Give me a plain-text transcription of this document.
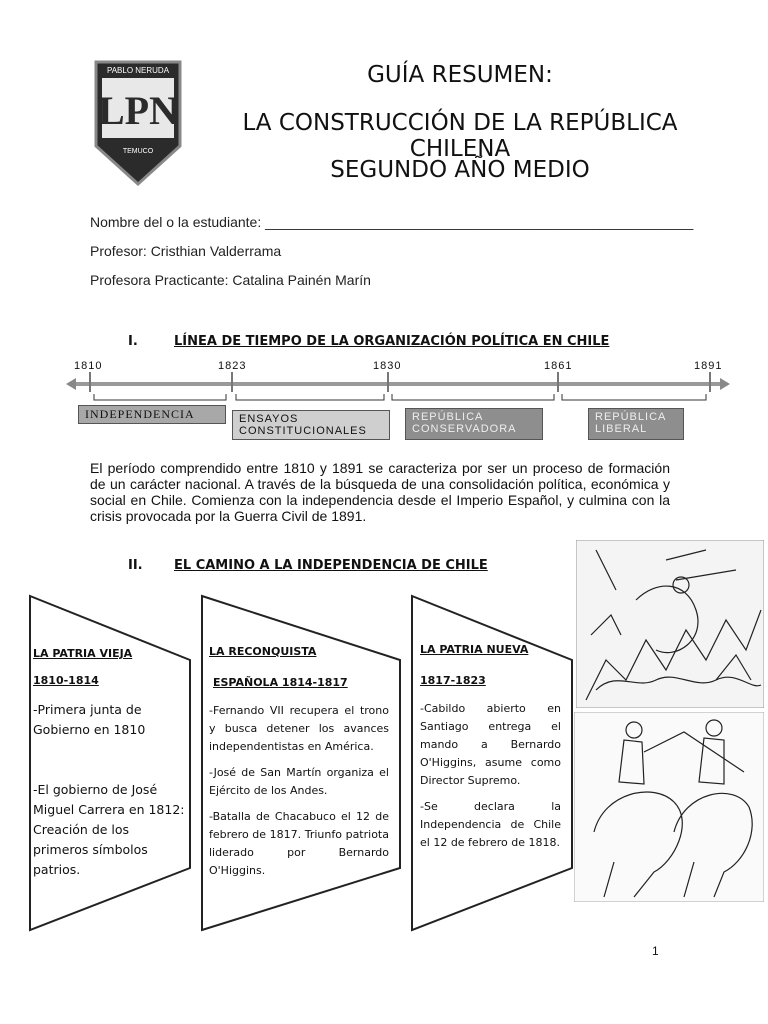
PABLO NERUDA
LPN
TEMUCO
GUÍA RESUMEN:
LA CONSTRUCCIÓN DE LA REPÚBLICA CHILENA
SEGUNDO AÑO MEDIO
Nombre del o la estudiante: _______________________________________________________
Profesor: Cristhian Valderrama
Profesora Practicante: Catalina Painén Marín
I.	LÍNEA DE TIEMPO DE LA ORGANIZACIÓN POLÍTICA EN CHILE
1810	1823	1830	1861	1891
INDEPENDENCIA	ENSAYOS CONSTITUCIONALES
REPÚBLICA CONSERVADORA
REPÚBLICA LIBERAL
El período comprendido entre 1810 y 1891 se caracteriza por ser un proceso de formación de un carácter nacional. A través de la búsqueda de una consolidación política, económica y social en Chile. Comienza con la independencia desde el Imperio Español, y culmina con la crisis provocada por la Guerra Civil de 1891.
II. EL CAMINO A LA INDEPENDENCIA DE CHILE

LA PATRIA VIEJA

1810-1814

-Primera junta de Gobierno en 1810

-El gobierno de José Miguel Carrera en 1812: Creación de los primeros símbolos patrios.

LA RECONQUISTA

ESPAÑOLA 1814-1817

-Fernando VII recupera el trono y busca detener los avances independentistas en América.

-José de San Martín organiza el Ejército de los Andes.

-Batalla de Chacabuco el 12 de febrero de 1817. Triunfo patriota liderado por Bernardo O'Higgins.

LA PATRIA NUEVA

1817-1823

-Cabildo abierto en Santiago entrega el mando a Bernardo O'Higgins, asume como Director Supremo.

-Se declara la Independencia de Chile el 12 de febrero de 1818.

1
